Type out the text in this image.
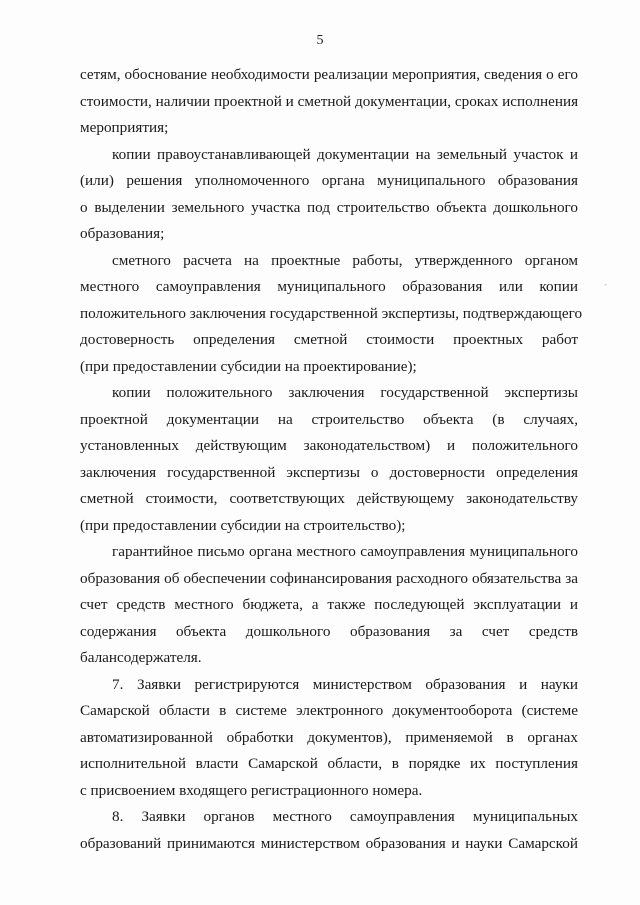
5
-
сетям, обоснование необходимости реализации мероприятия, сведения о его
стоимости, наличии проектной и сметной документации, сроках исполнения
мероприятия;
копии правоустанавливающей документации на земельный участок и
(или) решения уполномоченного органа муниципального образования
о выделении земельного участка под строительство объекта дошкольного
образования;
сметного расчета на проектные работы, утвержденного органом
местного самоуправления муниципального образования или копии
положительного заключения государственной экспертизы, подтверждающего
достоверность определения сметной стоимости проектных работ
(при предоставлении субсидии на проектирование);
копии положительного заключения государственной экспертизы
проектной документации на строительство объекта (в случаях,
установленных действующим законодательством) и положительного
заключения государственной экспертизы о достоверности определения
сметной стоимости, соответствующих действующему законодательству
(при предоставлении субсидии на строительство);
гарантийное письмо органа местного самоуправления муниципального
образования об обеспечении софинансирования расходного обязательства за
счет средств местного бюджета, а также последующей эксплуатации и
содержания объекта дошкольного образования за счет средств
балансодержателя.
7. Заявки регистрируются министерством образования и науки
Самарской области в системе электронного документооборота (системе
автоматизированной обработки документов), применяемой в органах
исполнительной власти Самарской области, в порядке их поступления
с присвоением входящего регистрационного номера.
8. Заявки органов местного самоуправления муниципальных
образований принимаются министерством образования и науки Самарской
